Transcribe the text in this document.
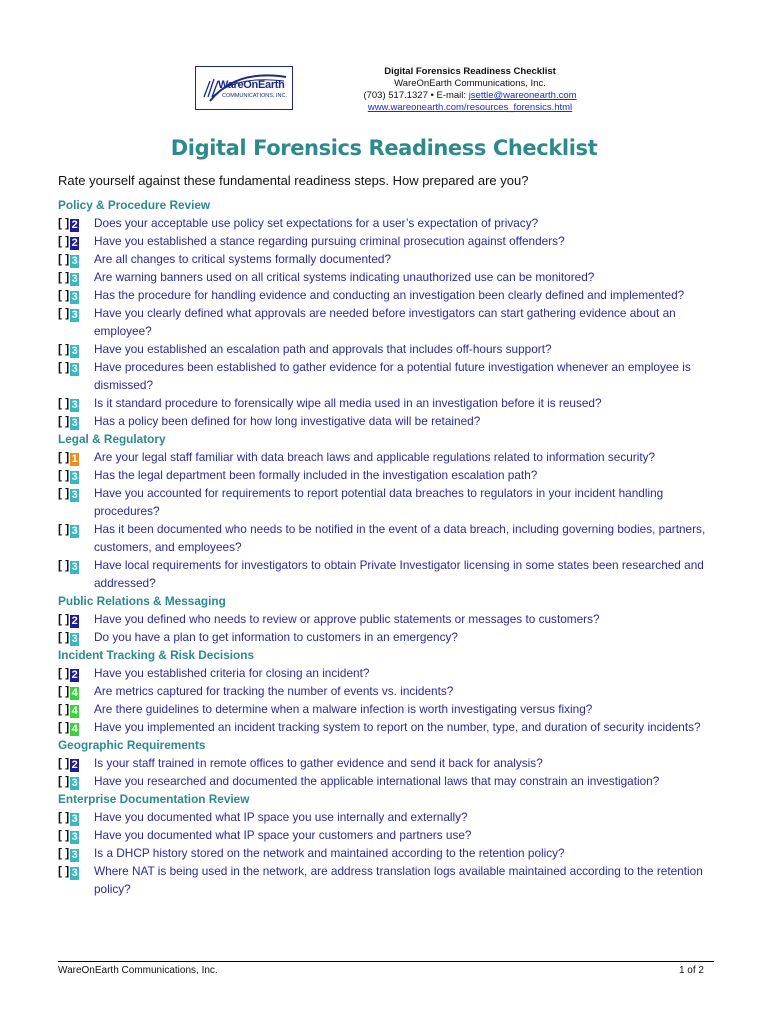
WareOnEarth
COMMUNICATIONS, INC.
Digital Forensics Readiness Checklist
WareOnEarth Communications, Inc.
(703) 517.1327 • E-mail: jsettle@wareonearth.com
www.wareonearth.com/resources_forensics.html
Digital Forensics Readiness Checklist
Rate yourself against these fundamental readiness steps. How prepared are you?
Policy & Procedure Review
[ ] 2	Does your acceptable use policy set expectations for a user’s expectation of privacy?
[ ] 2	Have you established a stance regarding pursuing criminal prosecution against offenders?
[ ] 3	Are all changes to critical systems formally documented?
[ ] 3	Are warning banners used on all critical systems indicating unauthorized use can be monitored?
[ ] 3	Has the procedure for handling evidence and conducting an investigation been clearly defined and implemented?
[ ] 3	Have you clearly defined what approvals are needed before investigators can start gathering evidence about an employee?
[ ] 3	Have you established an escalation path and approvals that includes off-hours support?
[ ] 3	Have procedures been established to gather evidence for a potential future investigation whenever an employee is dismissed?
[ ] 3	Is it standard procedure to forensically wipe all media used in an investigation before it is reused?
[ ] 3	Has a policy been defined for how long investigative data will be retained?
Legal & Regulatory
[ ] 1	Are your legal staff familiar with data breach laws and applicable regulations related to information security?
[ ] 3	Has the legal department been formally included in the investigation escalation path?
[ ] 3	Have you accounted for requirements to report potential data breaches to regulators in your incident handling procedures?
[ ] 3	Has it been documented who needs to be notified in the event of a data breach, including governing bodies, partners, customers, and employees?
[ ] 3	Have local requirements for investigators to obtain Private Investigator licensing in some states been researched and addressed?
Public Relations & Messaging
[ ] 2	Have you defined who needs to review or approve public statements or messages to customers?
[ ] 3	Do you have a plan to get information to customers in an emergency?
Incident Tracking & Risk Decisions
[ ] 2	Have you established criteria for closing an incident?
[ ] 4	Are metrics captured for tracking the number of events vs. incidents?
[ ] 4	Are there guidelines to determine when a malware infection is worth investigating versus fixing?
[ ] 4	Have you implemented an incident tracking system to report on the number, type, and duration of security incidents?
Geographic Requirements
[ ] 2	Is your staff trained in remote offices to gather evidence and send it back for analysis?
[ ] 3	Have you researched and documented the applicable international laws that may constrain an investigation?
Enterprise Documentation Review
[ ] 3	Have you documented what IP space you use internally and externally?
[ ] 3	Have you documented what IP space your customers and partners use?
[ ] 3	Is a DHCP history stored on the network and maintained according to the retention policy?
[ ] 3	Where NAT is being used in the network, are address translation logs available maintained according to the retention policy?
WareOnEarth Communications, Inc.	1 of 2
